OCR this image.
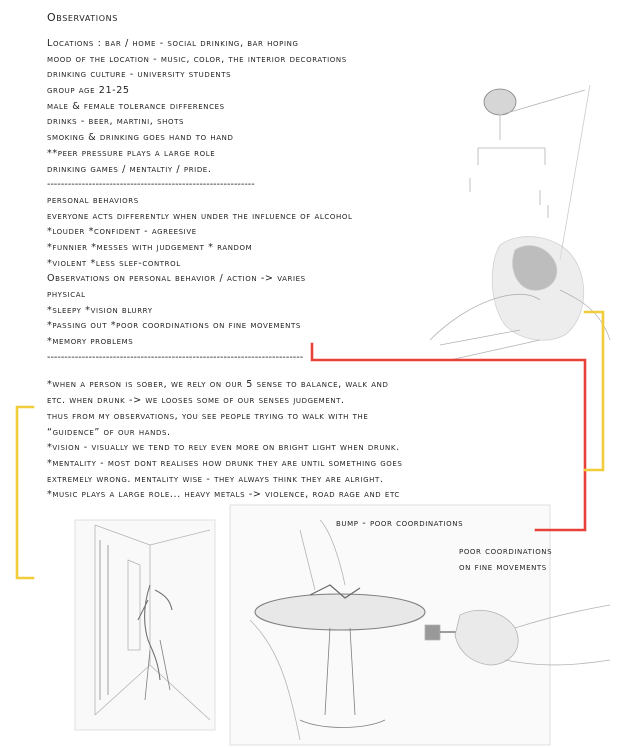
Observations
Locations : bar / home - social drinking, bar hoping
mood of the location - music, color, the interior decorations
drinking culture - university students
group age 21-25
male & female tolerance differences
drinks - beer, martini, shots
smoking & drinking goes hand to hand
**peer pressure plays a large role
drinking games / mentaltiy / pride.
------------------------------------------------------------
personal behaviors
everyone acts differently when under the influence of alcohol
*louder *confident - agreesive
*funnier *messes with judgement * random
*violent *less slef-control
Observations on personal behavior / action -> varies
physical
*sleepy *vision blurry
*passing out *poor coordinations on fine movements
*memory problems
--------------------------------------------------------------------------
*when a person is sober, we rely on our 5 sense to balance, walk and
etc. when drunk -> we looses some of our senses judgement.
thus from my observations, you see people trying to walk with the
“guidence” of our hands.
*vision - visually we tend to rely even more on bright light when drunk.
*mentality - most dont realises how drunk they are until something goes
extremely wrong. mentality wise - they always think they are alright.
*music plays a large role... heavy metals -> violence, road rage and etc
bump - poor coordinations
poor coordinations
on fine movements
